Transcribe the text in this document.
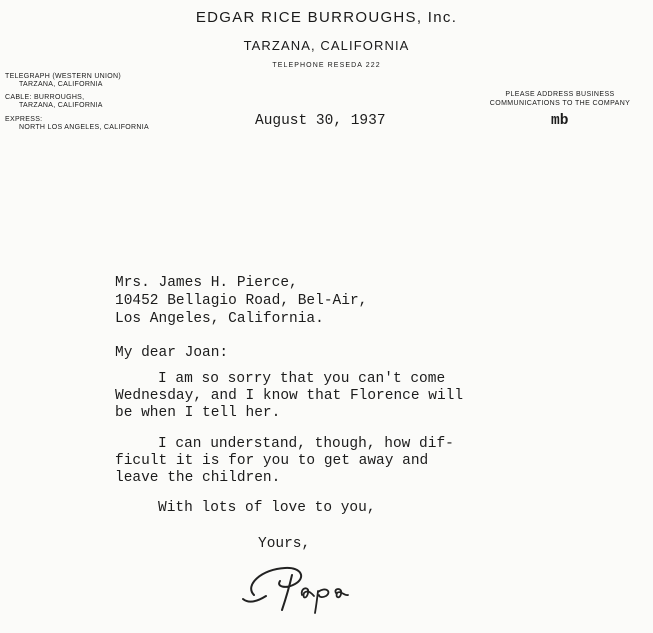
EDGAR RICE BURROUGHS, Inc.
TARZANA, CALIFORNIA
TELEPHONE RESEDA 222
TELEGRAPH (WESTERN UNION)
TARZANA, CALIFORNIA
CABLE: BURROUGHS,
TARZANA, CALIFORNIA
EXPRESS:
NORTH LOS ANGELES, CALIFORNIA
PLEASE ADDRESS BUSINESS COMMUNICATIONS TO THE COMPANY
August 30, 1937	mb
Mrs. James H. Pierce,
10452 Bellagio Road, Bel-Air,
Los Angeles, California.
My dear Joan:
I am so sorry that you can't come
Wednesday, and I know that Florence will
be when I tell her.
I can understand, though, how dif-
ficult it is for you to get away and
leave the children.
With lots of love to you,
Yours,
